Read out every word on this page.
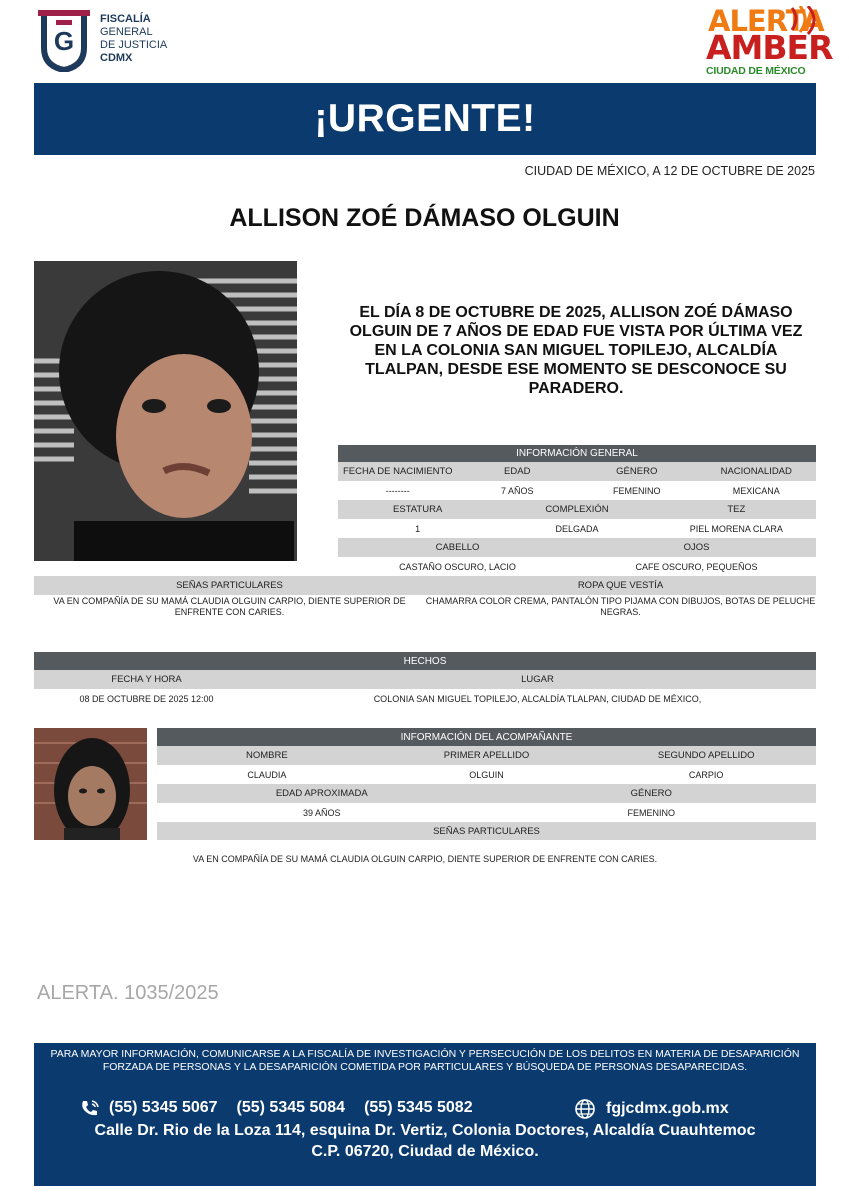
G
FISCALÍA
GENERAL
DE JUSTICIA
CDMX
ALERTA
AMBER
CIUDAD DE MÉXICO
¡URGENTE!
CIUDAD DE MÉXICO, A 12 DE OCTUBRE DE 2025
ALLISON ZOÉ DÁMASO OLGUIN
EL DÍA 8 DE OCTUBRE DE 2025, ALLISON ZOÉ DÁMASO OLGUIN DE 7 AÑOS DE EDAD FUE VISTA POR ÚLTIMA VEZ EN LA COLONIA SAN MIGUEL TOPILEJO, ALCALDÍA TLALPAN, DESDE ESE MOMENTO SE DESCONOCE SU PARADERO.
INFORMACIÓN GENERAL
FECHA DE NACIMIENTO	EDAD	GÉNERO	NACIONALIDAD
--------	7 AÑOS	FEMENINO	MEXICANA
ESTATURA	COMPLEXIÓN	TEZ
1	DELGADA	PIEL MORENA CLARA
CABELLO	OJOS
CASTAÑO OSCURO, LACIO	CAFE OSCURO, PEQUEÑOS
SEÑAS PARTICULARES	ROPA QUE VESTÍA
VA EN COMPAÑÍA DE SU MAMÁ CLAUDIA OLGUIN CARPIO, DIENTE SUPERIOR DE ENFRENTE CON CARIES.
CHAMARRA COLOR CREMA, PANTALÓN TIPO PIJAMA CON DIBUJOS, BOTAS DE PELUCHE NEGRAS.
HECHOS
FECHA Y HORA	LUGAR
08 DE OCTUBRE DE 2025 12:00	COLONIA SAN MIGUEL TOPILEJO, ALCALDÍA TLALPAN, CIUDAD DE MÉXICO,
INFORMACIÓN DEL ACOMPAÑANTE
NOMBRE	PRIMER APELLIDO	SEGUNDO APELLIDO
CLAUDIA	OLGUIN	CARPIO
EDAD APROXIMADA	GÉNERO
39 AÑOS	FEMENINO
SEÑAS PARTICULARES
VA EN COMPAÑÍA DE SU MAMÁ CLAUDIA OLGUIN CARPIO, DIENTE SUPERIOR DE ENFRENTE CON CARIES.
ALERTA. 1035/2025
PARA MAYOR INFORMACIÓN, COMUNICARSE A LA FISCALÍA DE INVESTIGACIÓN Y PERSECUCIÓN DE LOS DELITOS EN MATERIA DE DESAPARICIÓN FORZADA DE PERSONAS Y LA DESAPARICIÓN COMETIDA POR PARTICULARES Y BÚSQUEDA DE PERSONAS DESAPARECIDAS.
(55) 5345 5067 (55) 5345 5084 (55) 5345 5082	fgjcdmx.gob.mx
Calle Dr. Rio de la Loza 114, esquina Dr. Vertiz, Colonia Doctores, Alcaldía Cuauhtemoc
C.P. 06720, Ciudad de México.
